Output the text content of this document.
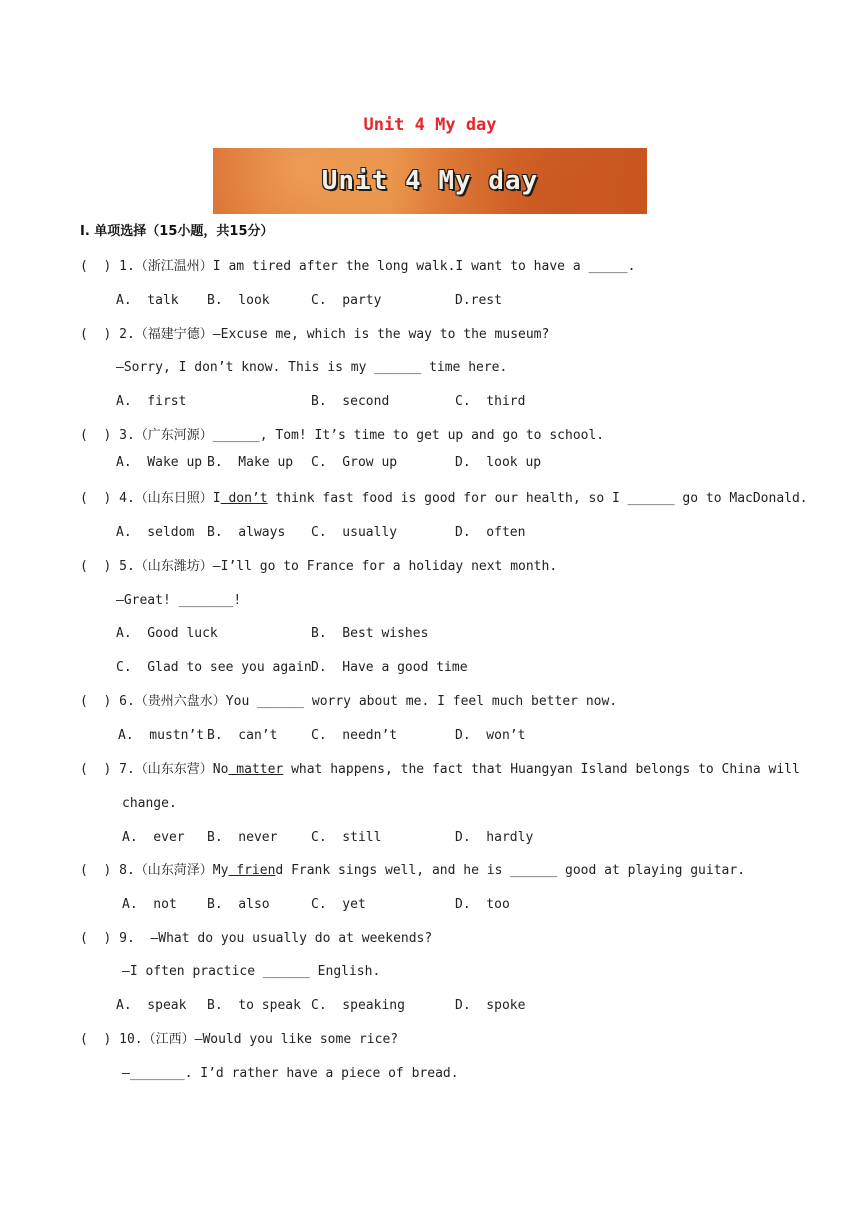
Unit 4 My day
Unit 4 My day
Ⅰ. 单项选择（15小题，共15分）
(  ) 1.（浙江温州）I am tired after the long walk.I want to have a _____.
A.  talk B.  look	C.  party	D.rest
(  ) 2.（福建宁德）—Excuse me, which is the way to the museum?
—Sorry, I don’t know. This is my ______ time here.
A.  first	B.  second	C.  third
(  ) 3.（广东河源）______, Tom! It’s time to get up and go to school.
A.  Wake up B.  Make up C.  Grow up	D.  look up
(  ) 4.（山东日照）I don’t think fast food is good for our health, so I ______ go to MacDonald.
A.  seldom B.  always C.  usually	D.  often
(  ) 5.（山东潍坊）—I’ll go to France for a holiday next month.
—Great! _______!
A.  Good luck	B.  Best wishes
C.  Glad to see you again D.  Have a good time
(  ) 6.（贵州六盘水）You ______ worry about me. I feel much better now.
A.  mustn’t B.  can’t	C.  needn’t	D.  won’t
(  ) 7.（山东东营）No matter what happens, the fact that Huangyan Island belongs to China will
change.
A.  ever B.  never	C.  still	D.  hardly
(  ) 8.（山东菏泽）My friend Frank sings well, and he is ______ good at playing guitar.
A.  not B.  also	C.  yet	D.  too
(  ) 9.  —What do you usually do at weekends?
—I often practice ______ English.
A.  speak B.  to speak C.  speaking	D.  spoke
(  ) 10.（江西）—Would you like some rice?
—_______. I’d rather have a piece of bread.
